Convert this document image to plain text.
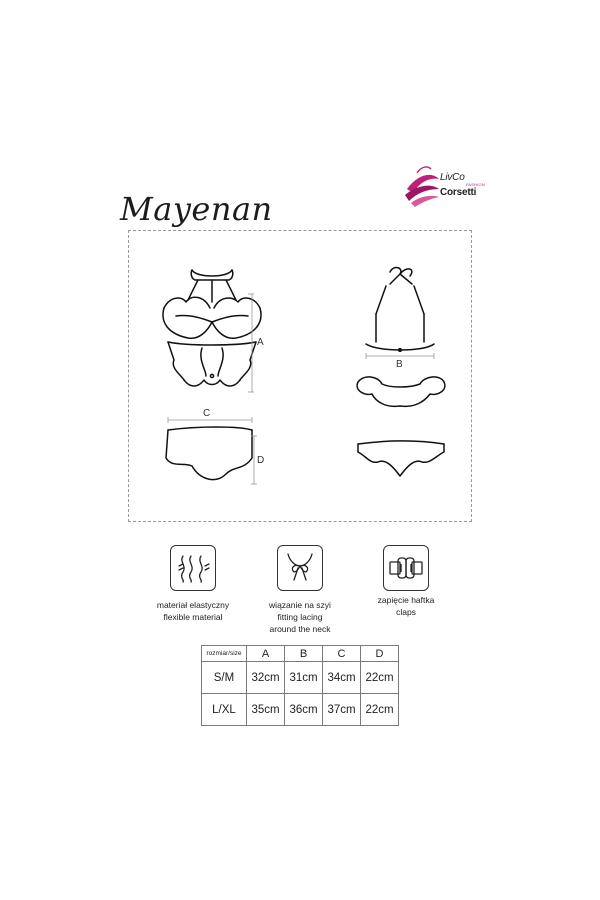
LivCo
FASHION
Corsetti
Mayenan
A
B
C
D
materiał elastyczny
flexible material
wiązanie na szyi
fitting lacing
around the neck
zapięcie haftka
claps
rozmiar/size	A	B	C	D
S/M	32cm	31cm	34cm	22cm
L/XL	35cm	36cm	37cm	22cm
